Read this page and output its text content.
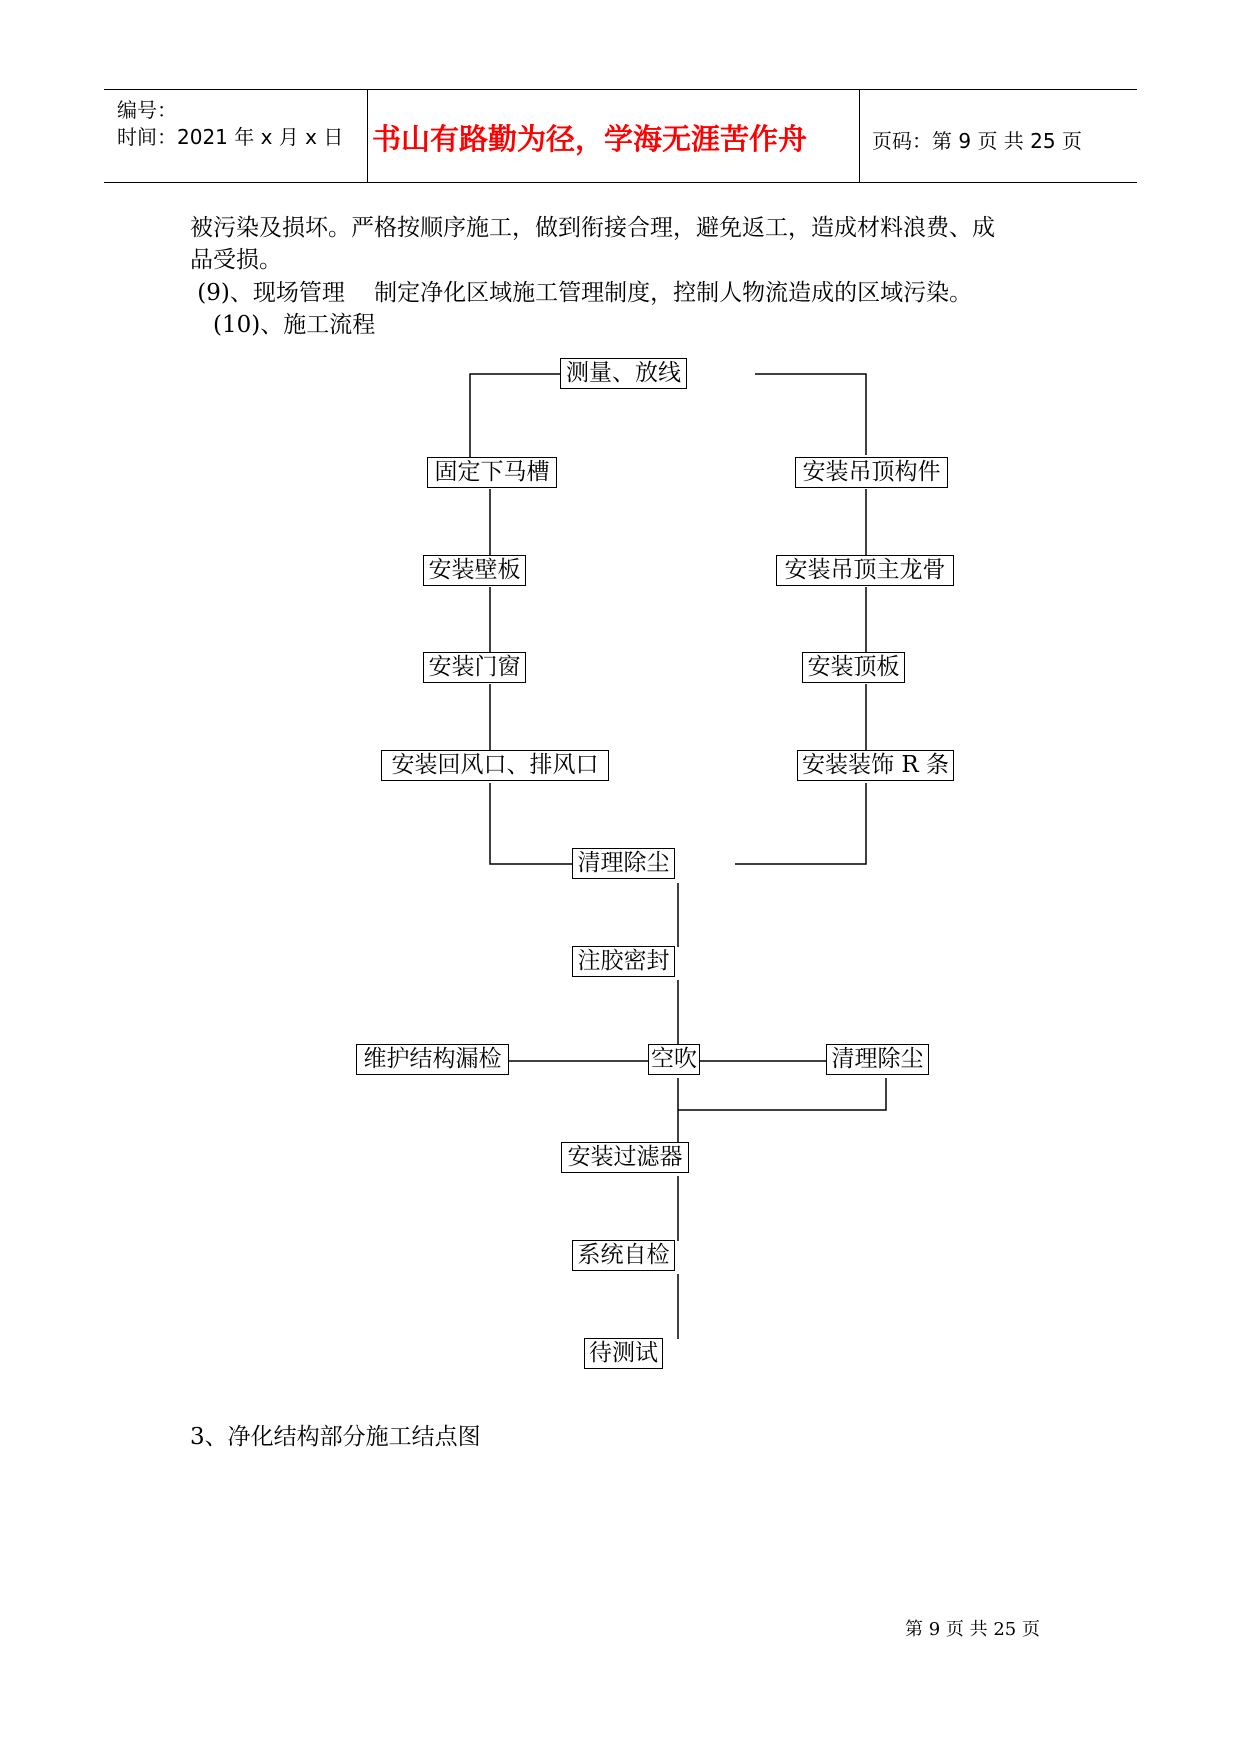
编号：
时间：2021 年 x 月 x 日 书山有路勤为径，学海无涯苦作舟	页码：第 9 页 共 25 页
被污染及损坏。严格按顺序施工，做到衔接合理，避免返工，造成材料浪费、成
品受损。
(9)、现场管理    制定净化区域施工管理制度，控制人物流造成的区域污染。
(10)、施工流程
测量、放线
固定下马槽	安装吊顶构件
安装壁板	安装吊顶主龙骨
安装门窗	安装顶板
安装回风口、排风口	安装装饰 R 条
清理除尘
注胶密封
维护结构漏检	空吹	清理除尘
安装过滤器
系统自检
待测试
3、净化结构部分施工结点图
第 9 页 共 25 页
